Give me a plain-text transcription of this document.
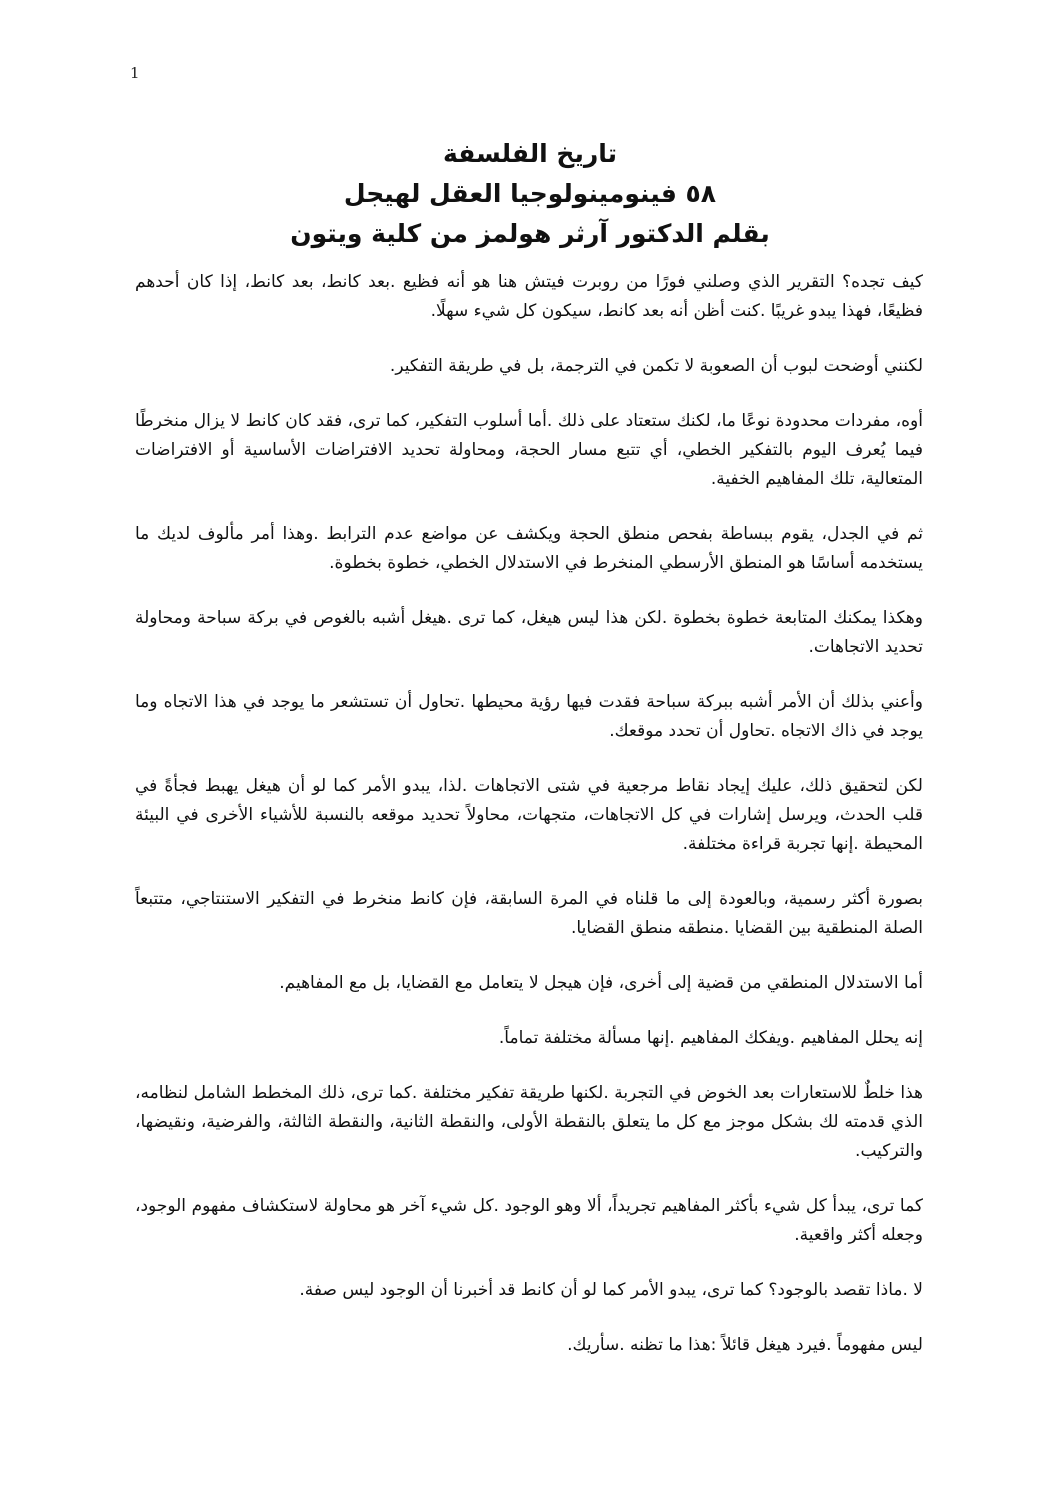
1
تاريخ الفلسفة
٥٨ فينومينولوجيا العقل لهيجل
بقلم الدكتور آرثر هولمز من كلية ويتون

كيف تجده؟ التقرير الذي وصلني فورًا من روبرت فيتش هنا هو أنه فظيع .بعد كانط، بعد كانط، إذا كان أحدهم فظيعًا، فهذا يبدو غريبًا .كنت أظن أنه بعد كانط، سيكون كل شيء سهلًا.

لكنني أوضحت لبوب أن الصعوبة لا تكمن في الترجمة، بل في طريقة التفكير.

أوه، مفردات محدودة نوعًا ما، لكنك ستعتاد على ذلك .أما أسلوب التفكير، كما ترى، فقد كان كانط لا يزال منخرطًا فيما يُعرف اليوم بالتفكير الخطي، أي تتبع مسار الحجة، ومحاولة تحديد الافتراضات الأساسية أو الافتراضات المتعالية، تلك المفاهيم الخفية.

ثم في الجدل، يقوم ببساطة بفحص منطق الحجة ويكشف عن مواضع عدم الترابط .وهذا أمر مألوف لديك ما يستخدمه أساسًا هو المنطق الأرسطي المنخرط في الاستدلال الخطي، خطوة بخطوة.

وهكذا يمكنك المتابعة خطوة بخطوة .لكن هذا ليس هيغل، كما ترى .هيغل أشبه بالغوص في بركة سباحة ومحاولة تحديد الاتجاهات.

وأعني بذلك أن الأمر أشبه ببركة سباحة فقدت فيها رؤية محيطها .تحاول أن تستشعر ما يوجد في هذا الاتجاه وما يوجد في ذاك الاتجاه .تحاول أن تحدد موقعك.

لكن لتحقيق ذلك، عليك إيجاد نقاط مرجعية في شتى الاتجاهات .لذا، يبدو الأمر كما لو أن هيغل يهبط فجأةً في قلب الحدث، ويرسل إشارات في كل الاتجاهات، متجهات، محاولاً تحديد موقعه بالنسبة للأشياء الأخرى في البيئة المحيطة .إنها تجربة قراءة مختلفة.

بصورة أكثر رسمية، وبالعودة إلى ما قلناه في المرة السابقة، فإن كانط منخرط في التفكير الاستنتاجي، متتبعاً الصلة المنطقية بين القضايا .منطقه منطق القضايا.

أما الاستدلال المنطقي من قضية إلى أخرى، فإن هيجل لا يتعامل مع القضايا، بل مع المفاهيم.

إنه يحلل المفاهيم .ويفكك المفاهيم .إنها مسألة مختلفة تماماً.

هذا خلطٌ للاستعارات بعد الخوض في التجربة .لكنها طريقة تفكير مختلفة .كما ترى، ذلك المخطط الشامل لنظامه، الذي قدمته لك بشكل موجز مع كل ما يتعلق بالنقطة الأولى، والنقطة الثانية، والنقطة الثالثة، والفرضية، ونقيضها، والتركيب.

كما ترى، يبدأ كل شيء بأكثر المفاهيم تجريداً، ألا وهو الوجود .كل شيء آخر هو محاولة لاستكشاف مفهوم الوجود، وجعله أكثر واقعية.

لا .ماذا تقصد بالوجود؟ كما ترى، يبدو الأمر كما لو أن كانط قد أخبرنا أن الوجود ليس صفة.

ليس مفهوماً .فيرد هيغل قائلاً :هذا ما تظنه .سأريك.
